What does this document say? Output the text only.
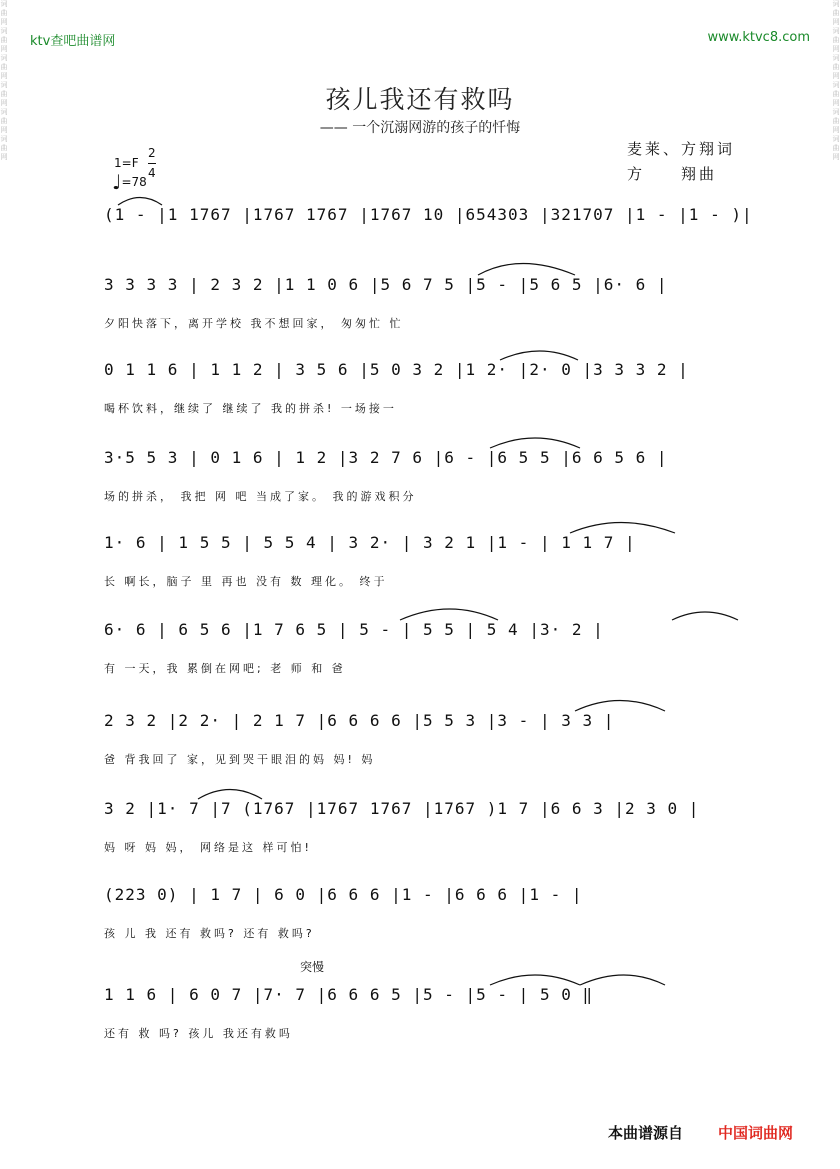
词曲网
词曲网
词曲网
词曲网
词曲网
词曲网
词曲网
词曲网
词曲网
词曲网
词曲网
词曲网
ktv查吧曲谱网	www.ktvc8.com
孩儿我还有救吗
—— 一个沉溺网游的孩子的忏悔
麦莱、方翔词
方　　翔曲
1=F
2
4
♩=78
(1 - |1 1767 |1767 1767 |1767 10 |654303 |321707 |1 - |1 - )|
3 3 3 3 | 2 3 2 |1 1 0 6 |5 6 7 5 |5 - |5 6 5 |6· 6 |
夕阳快落下，离开学校 我不想回家， 匆匆忙 忙
0 1 1 6 | 1 1 2 | 3 5 6 |5 0 3 2 |1 2· |2· 0 |3 3 3 2 |
喝杯饮料，继续了 继续了 我的拼杀! 一场接一
3·5 5 3 | 0 1 6 | 1 2 |3 2 7 6 |6 - |6 5 5 |6 6 5 6 |
场的拼杀， 我把 网 吧 当成了家。 我的游戏积分
1· 6 | 1 5 5 | 5 5 4 | 3 2· | 3 2 1 |1 - | 1 1 7 |
长 啊长，脑子 里 再也 没有 数 理化。 终于
6· 6 | 6 5 6 |1 7 6 5 | 5 - | 5 5 | 5 4 |3· 2 |
有 一天，我 累倒在网吧; 老 师 和 爸
2 3 2 |2 2· | 2 1 7 |6 6 6 6 |5 5 3 |3 - | 3 3 |
爸 背我回了 家，见到哭干眼泪的妈 妈! 妈
3 2 |1· 7 |7 (1767 |1767 1767 |1767 )1 7 |6 6 3 |2 3 0 |
妈 呀 妈 妈， 网络是这 样可怕!
(223 0) | 1 7 | 6 0 |6 6 6 |1 - |6 6 6 |1 - |
孩 儿 我 还有 救吗? 还有 救吗?
突慢
1 1 6 | 6 0 7 |7· 7 |6 6 6 5 |5 - |5 - | 5 0 ‖
还有 救 吗? 孩儿 我还有救吗
本曲谱源自 中国词曲网
